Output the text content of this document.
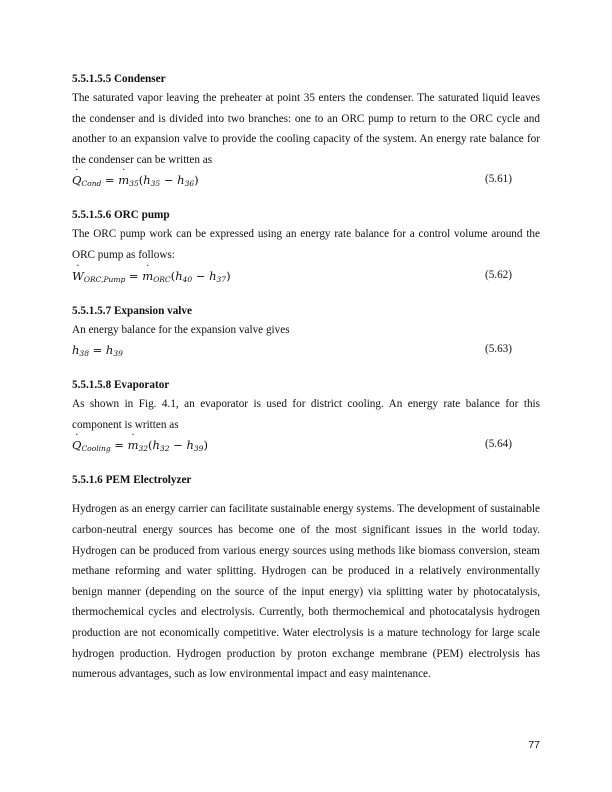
5.5.1.5.5 Condenser

The saturated vapor leaving the preheater at point 35 enters the condenser. The saturated liquid leaves the condenser and is divided into two branches: one to an ORC pump to return to the ORC cycle and another to an expansion valve to provide the cooling capacity of the system. An energy rate balance for the condenser can be written as

˙ $Q_{Cond}$ = ˙ $m_{35}(h_{35} - h_{36})$	(5.61)

5.5.1.5.6 ORC pump

The ORC pump work can be expressed using an energy rate balance for a control volume around the ORC pump as follows:

˙ $W_{ORC,Pump}$ = ˙ $m_{ORC}(h_{40} - h_{37})$	(5.62)

5.5.1.5.7 Expansion valve

An energy balance for the expansion valve gives

$h_{38} = h_{39}$	(5.63)

5.5.1.5.8 Evaporator

As shown in Fig. 4.1, an evaporator is used for district cooling. An energy rate balance for this component is written as

˙ $Q_{Cooling}$ = ˙ $m_{32}(h_{32} - h_{39})$	(5.64)

5.5.1.6 PEM Electrolyzer

Hydrogen as an energy carrier can facilitate sustainable energy systems. The development of sustainable carbon-neutral energy sources has become one of the most significant issues in the world today. Hydrogen can be produced from various energy sources using methods like biomass conversion, steam methane reforming and water splitting. Hydrogen can be produced in a relatively environmentally benign manner (depending on the source of the input energy) via splitting water by photocatalysis, thermochemical cycles and electrolysis. Currently, both thermochemical and photocatalysis hydrogen production are not economically competitive. Water electrolysis is a mature technology for large scale hydrogen production. Hydrogen production by proton exchange membrane (PEM) electrolysis has numerous advantages, such as low environmental impact and easy maintenance.

77
